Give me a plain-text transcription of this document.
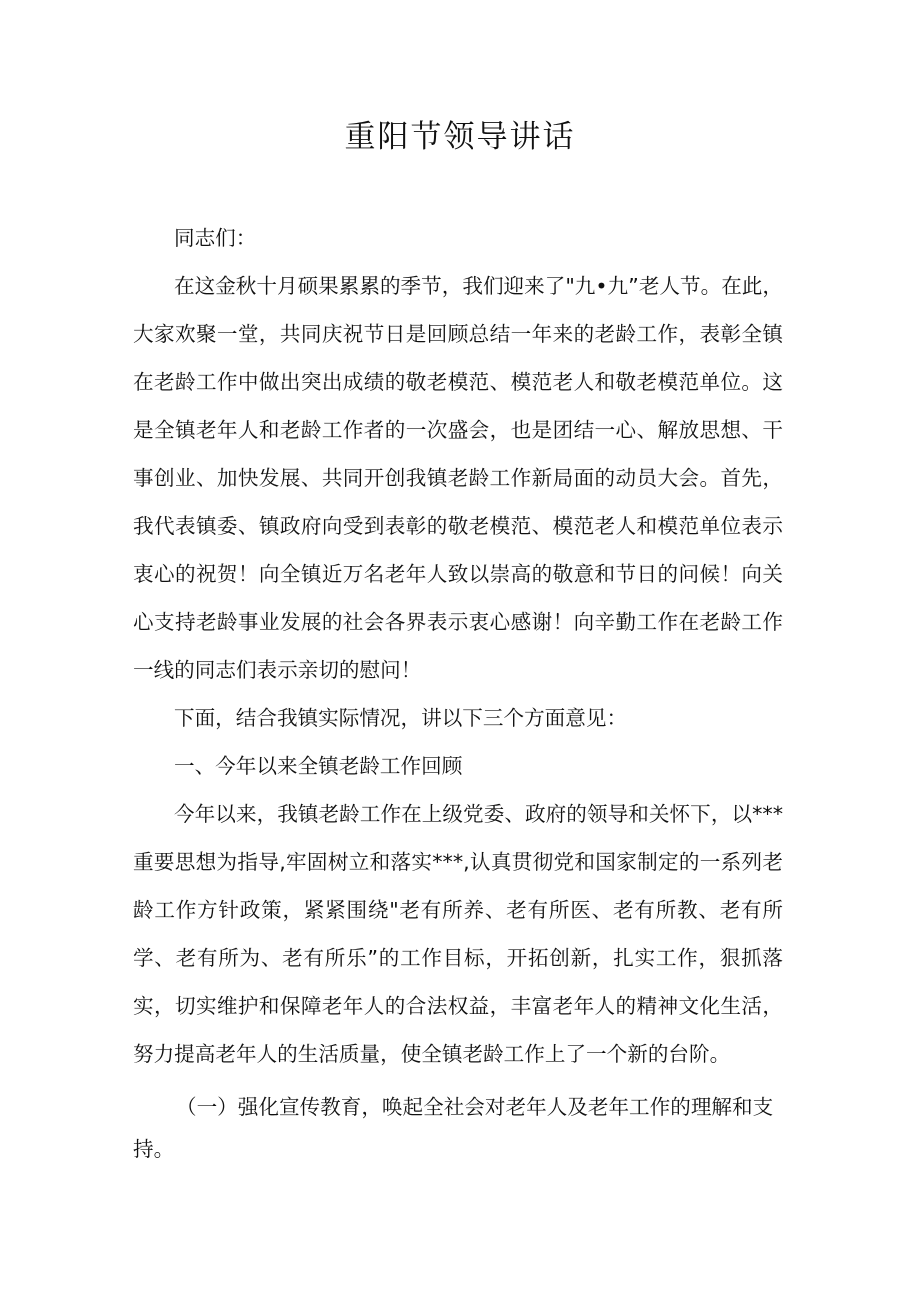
重阳节领导讲话

同志们：

在这金秋十月硕果累累的季节，我们迎来了"九•九”老人节。在此，大家欢聚一堂，共同庆祝节日是回顾总结一年来的老龄工作，表彰全镇在老龄工作中做出突出成绩的敬老模范、模范老人和敬老模范单位。这是全镇老年人和老龄工作者的一次盛会，也是团结一心、解放思想、干事创业、加快发展、共同开创我镇老龄工作新局面的动员大会。首先，我代表镇委、镇政府向受到表彰的敬老模范、模范老人和模范单位表示衷心的祝贺！向全镇近万名老年人致以崇高的敬意和节日的问候！向关心支持老龄事业发展的社会各界表示衷心感谢！向辛勤工作在老龄工作一线的同志们表示亲切的慰问！

下面，结合我镇实际情况，讲以下三个方面意见：

一、今年以来全镇老龄工作回顾

今年以来，我镇老龄工作在上级党委、政府的领导和关怀下，以***重要思想为指导,牢固树立和落实***,认真贯彻党和国家制定的一系列老龄工作方针政策，紧紧围绕"老有所养、老有所医、老有所教、老有所学、老有所为、老有所乐”的工作目标，开拓创新，扎实工作，狠抓落实，切实维护和保障老年人的合法权益，丰富老年人的精神文化生活，努力提高老年人的生活质量，使全镇老龄工作上了一个新的台阶。

（一）强化宣传教育，唤起全社会对老年人及老年工作的理解和支持。
